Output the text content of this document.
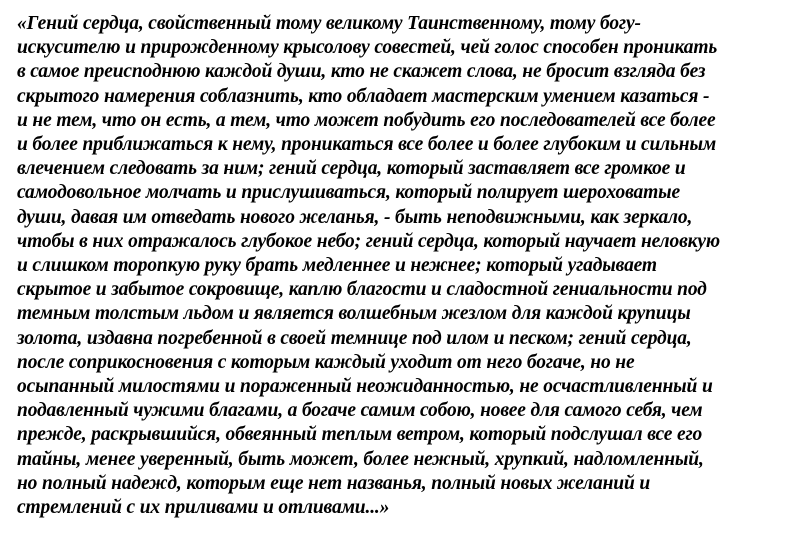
«Гений сердца, свойственный тому великому Таинственному, тому богу-
искусителю и прирожденному крысолову совестей, чей голос способен проникать
в самое преисподнюю каждой души, кто не скажет слова, не бросит взгляда без
скрытого намерения соблазнить, кто обладает мастерским умением казаться -
и не тем, что он есть, а тем, что может побудить его последователей все более
и более приближаться к нему, проникаться все более и более глубоким и сильным
влечением следовать за ним; гений сердца, который заставляет все громкое и
самодовольное молчать и прислушиваться, который полирует шероховатые
души, давая им отведать нового желанья, - быть неподвижными, как зеркало,
чтобы в них отражалось глубокое небо; гений сердца, который научает неловкую
и слишком торопкую руку брать медленнее и нежнее; который угадывает
скрытое и забытое сокровище, каплю благости и сладостной гениальности под
темным толстым льдом и является волшебным жезлом для каждой крупицы
золота, издавна погребенной в своей темнице под илом и песком; гений сердца,
после соприкосновения с которым каждый уходит от него богаче, но не
осыпанный милостями и пораженный неожиданностью, не осчастливленный и
подавленный чужими благами, а богаче самим собою, новее для самого себя, чем
прежде, раскрывшийся, обвеянный теплым ветром, который подслушал все его
тайны, менее уверенный, быть может, более нежный, хрупкий, надломленный,
но полный надежд, которым еще нет названья, полный новых желаний и
стремлений с их приливами и отливами...»
